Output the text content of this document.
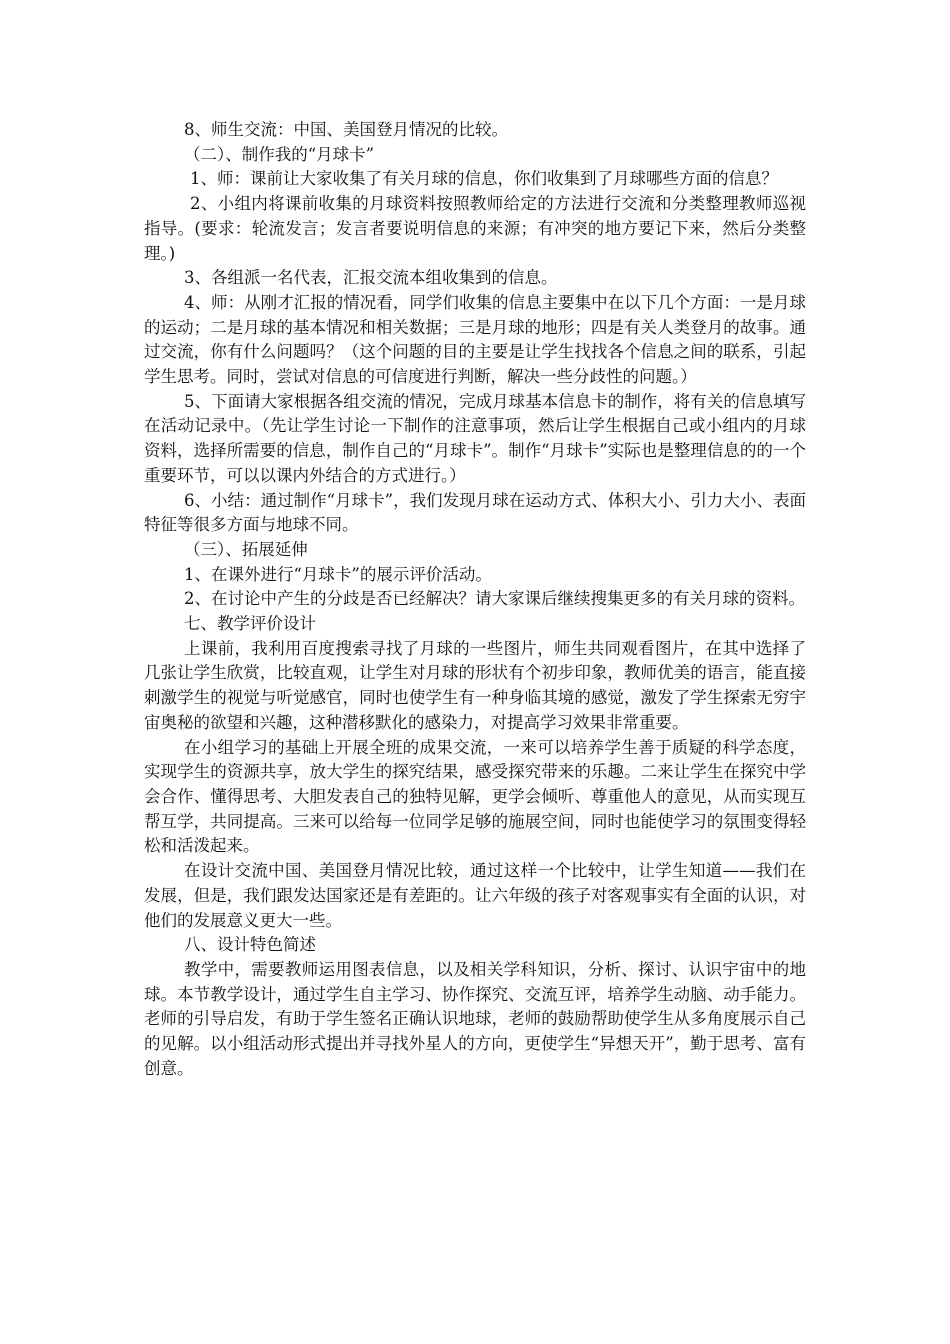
8、师生交流：中国、美国登月情况的比较。

（二）、制作我的“月球卡”

1、师：课前让大家收集了有关月球的信息，你们收集到了月球哪些方面的信息？

2、小组内将课前收集的月球资料按照教师给定的方法进行交流和分类整理教师巡视指导。(要求：轮流发言；发言者要说明信息的来源；有冲突的地方要记下来，然后分类整理。)

3、各组派一名代表，汇报交流本组收集到的信息。

4、师：从刚才汇报的情况看，同学们收集的信息主要集中在以下几个方面：一是月球的运动；二是月球的基本情况和相关数据；三是月球的地形；四是有关人类登月的故事。通过交流，你有什么问题吗？（这个问题的目的主要是让学生找找各个信息之间的联系，引起学生思考。同时，尝试对信息的可信度进行判断，解决一些分歧性的问题。）

5、下面请大家根据各组交流的情况，完成月球基本信息卡的制作，将有关的信息填写在活动记录中。（先让学生讨论一下制作的注意事项，然后让学生根据自己或小组内的月球资料，选择所需要的信息，制作自己的“月球卡”。制作“月球卡”实际也是整理信息的的一个重要环节，可以以课内外结合的方式进行。）

6、小结：通过制作“月球卡”，我们发现月球在运动方式、体积大小、引力大小、表面特征等很多方面与地球不同。

（三）、拓展延伸

1、在课外进行“月球卡”的展示评价活动。

2、在讨论中产生的分歧是否已经解决？请大家课后继续搜集更多的有关月球的资料。

七、教学评价设计

上课前，我利用百度搜索寻找了月球的一些图片，师生共同观看图片，在其中选择了几张让学生欣赏，比较直观，让学生对月球的形状有个初步印象，教师优美的语言，能直接刺激学生的视觉与听觉感官，同时也使学生有一种身临其境的感觉，激发了学生探索无穷宇宙奥秘的欲望和兴趣，这种潜移默化的感染力，对提高学习效果非常重要。

在小组学习的基础上开展全班的成果交流，一来可以培养学生善于质疑的科学态度，实现学生的资源共享，放大学生的探究结果，感受探究带来的乐趣。二来让学生在探究中学会合作、懂得思考、大胆发表自己的独特见解，更学会倾听、尊重他人的意见，从而实现互帮互学，共同提高。三来可以给每一位同学足够的施展空间，同时也能使学习的氛围变得轻松和活泼起来。

在设计交流中国、美国登月情况比较，通过这样一个比较中，让学生知道——我们在发展，但是，我们跟发达国家还是有差距的。让六年级的孩子对客观事实有全面的认识，对他们的发展意义更大一些。

八、设计特色简述

教学中，需要教师运用图表信息，以及相关学科知识，分析、探讨、认识宇宙中的地球。本节教学设计，通过学生自主学习、协作探究、交流互评，培养学生动脑、动手能力。老师的引导启发，有助于学生签名正确认识地球，老师的鼓励帮助使学生从多角度展示自己的见解。以小组活动形式提出并寻找外星人的方向，更使学生“异想天开”，勤于思考、富有创意。
